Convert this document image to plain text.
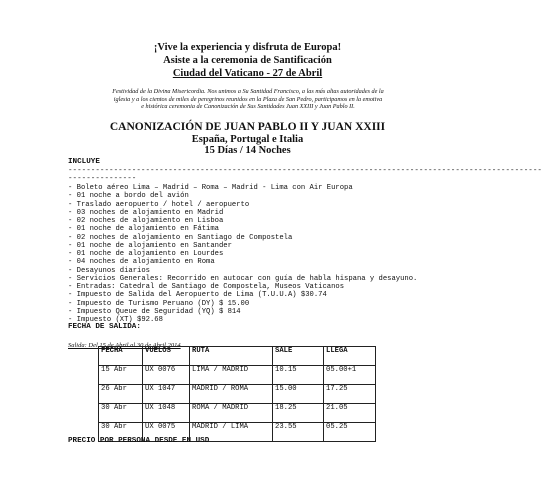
¡Vive la experiencia y disfruta de Europa!
Asiste a la ceremonia de Santificación
Ciudad del Vaticano - 27 de Abril
Festividad de la Divina Misericordia. Nos unimos a Su Santidad Francisco, a las más altas autoridades de la
iglesia y a los cientos de miles de peregrinos reunidos en la Plaza de San Pedro, participamos en la emotiva
e histórica ceremonia de Canonización de Sus Santidades Juan XXIII y Juan Pablo II.
CANONIZACIÓN DE JUAN PABLO II Y JUAN XXIII
España, Portugal e Italia
15 Días / 14 Noches
INCLUYE
--------------------------------------------------------------------------------------------------------
---------------
- Boleto aéreo Lima – Madrid – Roma – Madrid - Lima con Air Europa
- 01 noche a bordo del avión
- Traslado aeropuerto / hotel / aeropuerto
- 03 noches de alojamiento en Madrid
- 02 noches de alojamiento en Lisboa
- 01 noche de alojamiento en Fátima
- 02 noches de alojamiento en Santiago de Compostela
- 01 noche de alojamiento en Santander
- 01 noche de alojamiento en Lourdes
- 04 noches de alojamiento en Roma
- Desayunos diarios
- Servicios Generales: Recorrido en autocar con guía de habla hispana y desayuno.
- Entradas: Catedral de Santiago de Compostela, Museos Vaticanos
- Impuesto de Salida del Aeropuerto de Lima (T.U.U.A) $30.74
- Impuesto de Turismo Peruano (DY) $ 15.00
- Impuesto Queue de Seguridad (YQ) $ 814
- Impuesto (XT) $92.68
FECHA DE SALIDA:
Salida: Del 15 de Abril al 30 de Abril 2014
FECHA	VUELOS	RUTA	SALE	LLEGA
15 Abr	UX 0076	LIMA / MADRID	10.15	05.00+1
26 Abr	UX 1047	MADRID / ROMA	15.00	17.25
30 Abr	UX 1048	ROMA / MADRID	18.25	21.05
30 Abr	UX 0075	MADRID / LIMA	23.55	05.25
PRECIO POR PERSONA DESDE EN USD
